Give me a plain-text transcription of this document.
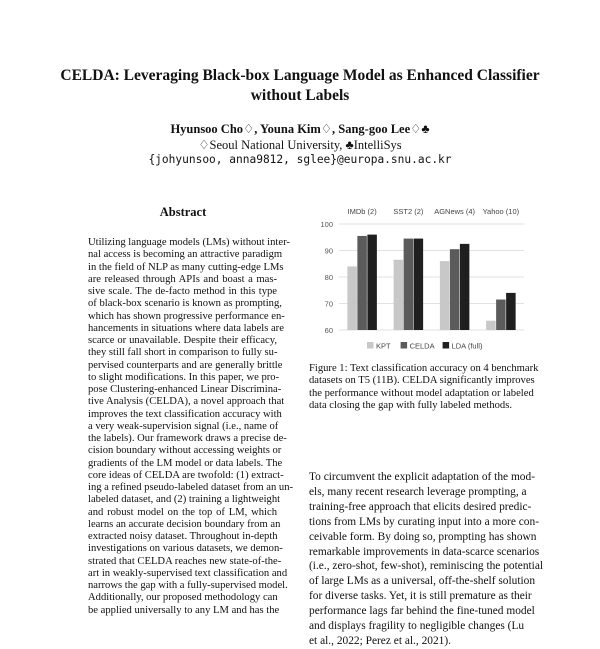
CELDA: Leveraging Black-box Language Model as Enhanced Classifier
without Labels
Hyunsoo Cho♢, Youna Kim♢, Sang-goo Lee♢♣
♢Seoul National University, ♣IntelliSys
{johyunsoo, anna9812, sglee}@europa.snu.ac.kr
Abstract
Utilizing language models (LMs) without inter-
nal access is becoming an attractive paradigm
in the field of NLP as many cutting-edge LMs
are released through APIs and boast a mas-
sive scale. The de-facto method in this type
of black-box scenario is known as prompting,
which has shown progressive performance en-
hancements in situations where data labels are
scarce or unavailable. Despite their efficacy,
they still fall short in comparison to fully su-
pervised counterparts and are generally brittle
to slight modifications. In this paper, we pro-
pose Clustering-enhanced Linear Discrimina-
tive Analysis (CELDA), a novel approach that
improves the text classification accuracy with
a very weak-supervision signal (i.e., name of
the labels). Our framework draws a precise de-
cision boundary without accessing weights or
gradients of the LM model or data labels. The
core ideas of CELDA are twofold: (1) extract-
ing a refined pseudo-labeled dataset from an un-
labeled dataset, and (2) training a lightweight
and robust model on the top of LM, which
learns an accurate decision boundary from an
extracted noisy dataset. Throughout in-depth
investigations on various datasets, we demon-
strated that CELDA reaches new state-of-the-
art in weakly-supervised text classification and
narrows the gap with a fully-supervised model.
Additionally, our proposed methodology can
be applied universally to any LM and has the
60
70
80
90
100
IMDb (2) SST2 (2) AGNews (4) Yahoo (10)
KPT	CELDA LDA (full)
Figure 1: Text classification accuracy on 4 benchmark
datasets on T5 (11B). CELDA significantly improves
the performance without model adaptation or labeled
data closing the gap with fully labeled methods.
To circumvent the explicit adaptation of the mod-
els, many recent research leverage prompting, a
training-free approach that elicits desired predic-
tions from LMs by curating input into a more con-
ceivable form. By doing so, prompting has shown
remarkable improvements in data-scarce scenarios
(i.e., zero-shot, few-shot), reminiscing the potential
of large LMs as a universal, off-the-shelf solution
for diverse tasks. Yet, it is still premature as their
performance lags far behind the fine-tuned model
and displays fragility to negligible changes (Lu
et al., 2022; Perez et al., 2021).
